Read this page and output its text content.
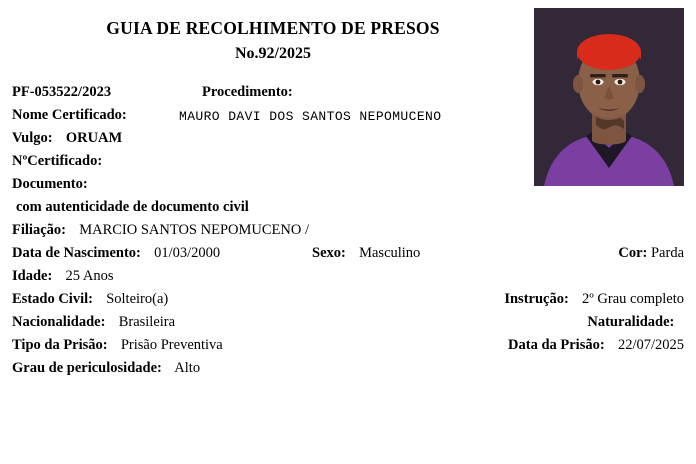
GUIA DE RECOLHIMENTO DE PRESOS
No.92/2025
PF-053522/2023	Procedimento:
Nome Certificado:	MAURO DAVI DOS SANTOS NEPOMUCENO
Vulgo: ORUAM
NºCertificado:
Documento:
com autenticidade de documento civil
Filiação: MARCIO SANTOS NEPOMUCENO /
Data de Nascimento: 01/03/2000	Sexo: Masculino	Cor: Parda
Idade: 25 Anos
Estado Civil: Solteiro(a)	Instrução: 2º Grau completo
Nacionalidade: Brasileira	Naturalidade:
Tipo da Prisão: Prisão Preventiva	Data da Prisão: 22/07/2025
Grau de periculosidade: Alto
